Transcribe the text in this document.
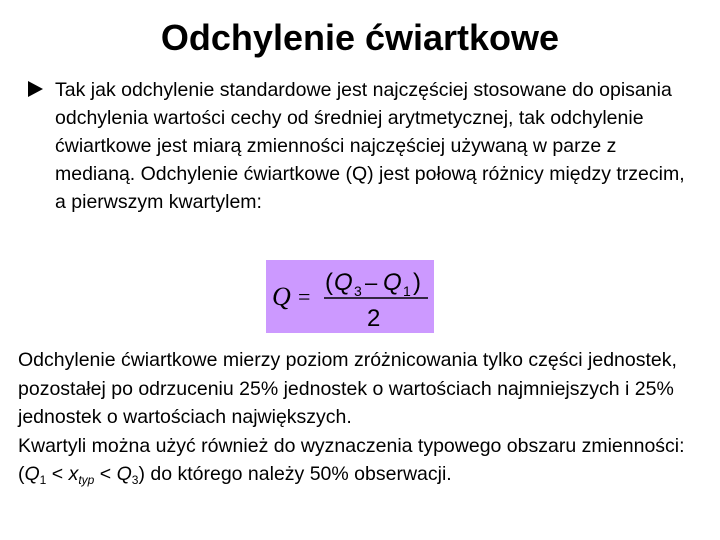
Odchylenie ćwiartkowe
Tak jak odchylenie standardowe jest najczęściej stosowane do opisania odchylenia wartości cechy od średniej arytmetycznej, tak odchylenie ćwiartkowe jest miarą zmienności najczęściej używaną w parze z medianą. Odchylenie ćwiartkowe (Q) jest połową różnicy między trzecim, a pierwszym kwartylem:
Q =
( Q 3 – Q 1 )
2

Odchylenie ćwiartkowe mierzy poziom zróżnicowania tylko części jednostek, pozostałej po odrzuceniu 25% jednostek o wartościach najmniejszych i 25% jednostek o wartościach największych.

Kwartyli można użyć również do wyznaczenia typowego obszaru zmienności: $(Q_1 < x_{typ} < Q_3)$ do którego należy 50% obserwacji.
